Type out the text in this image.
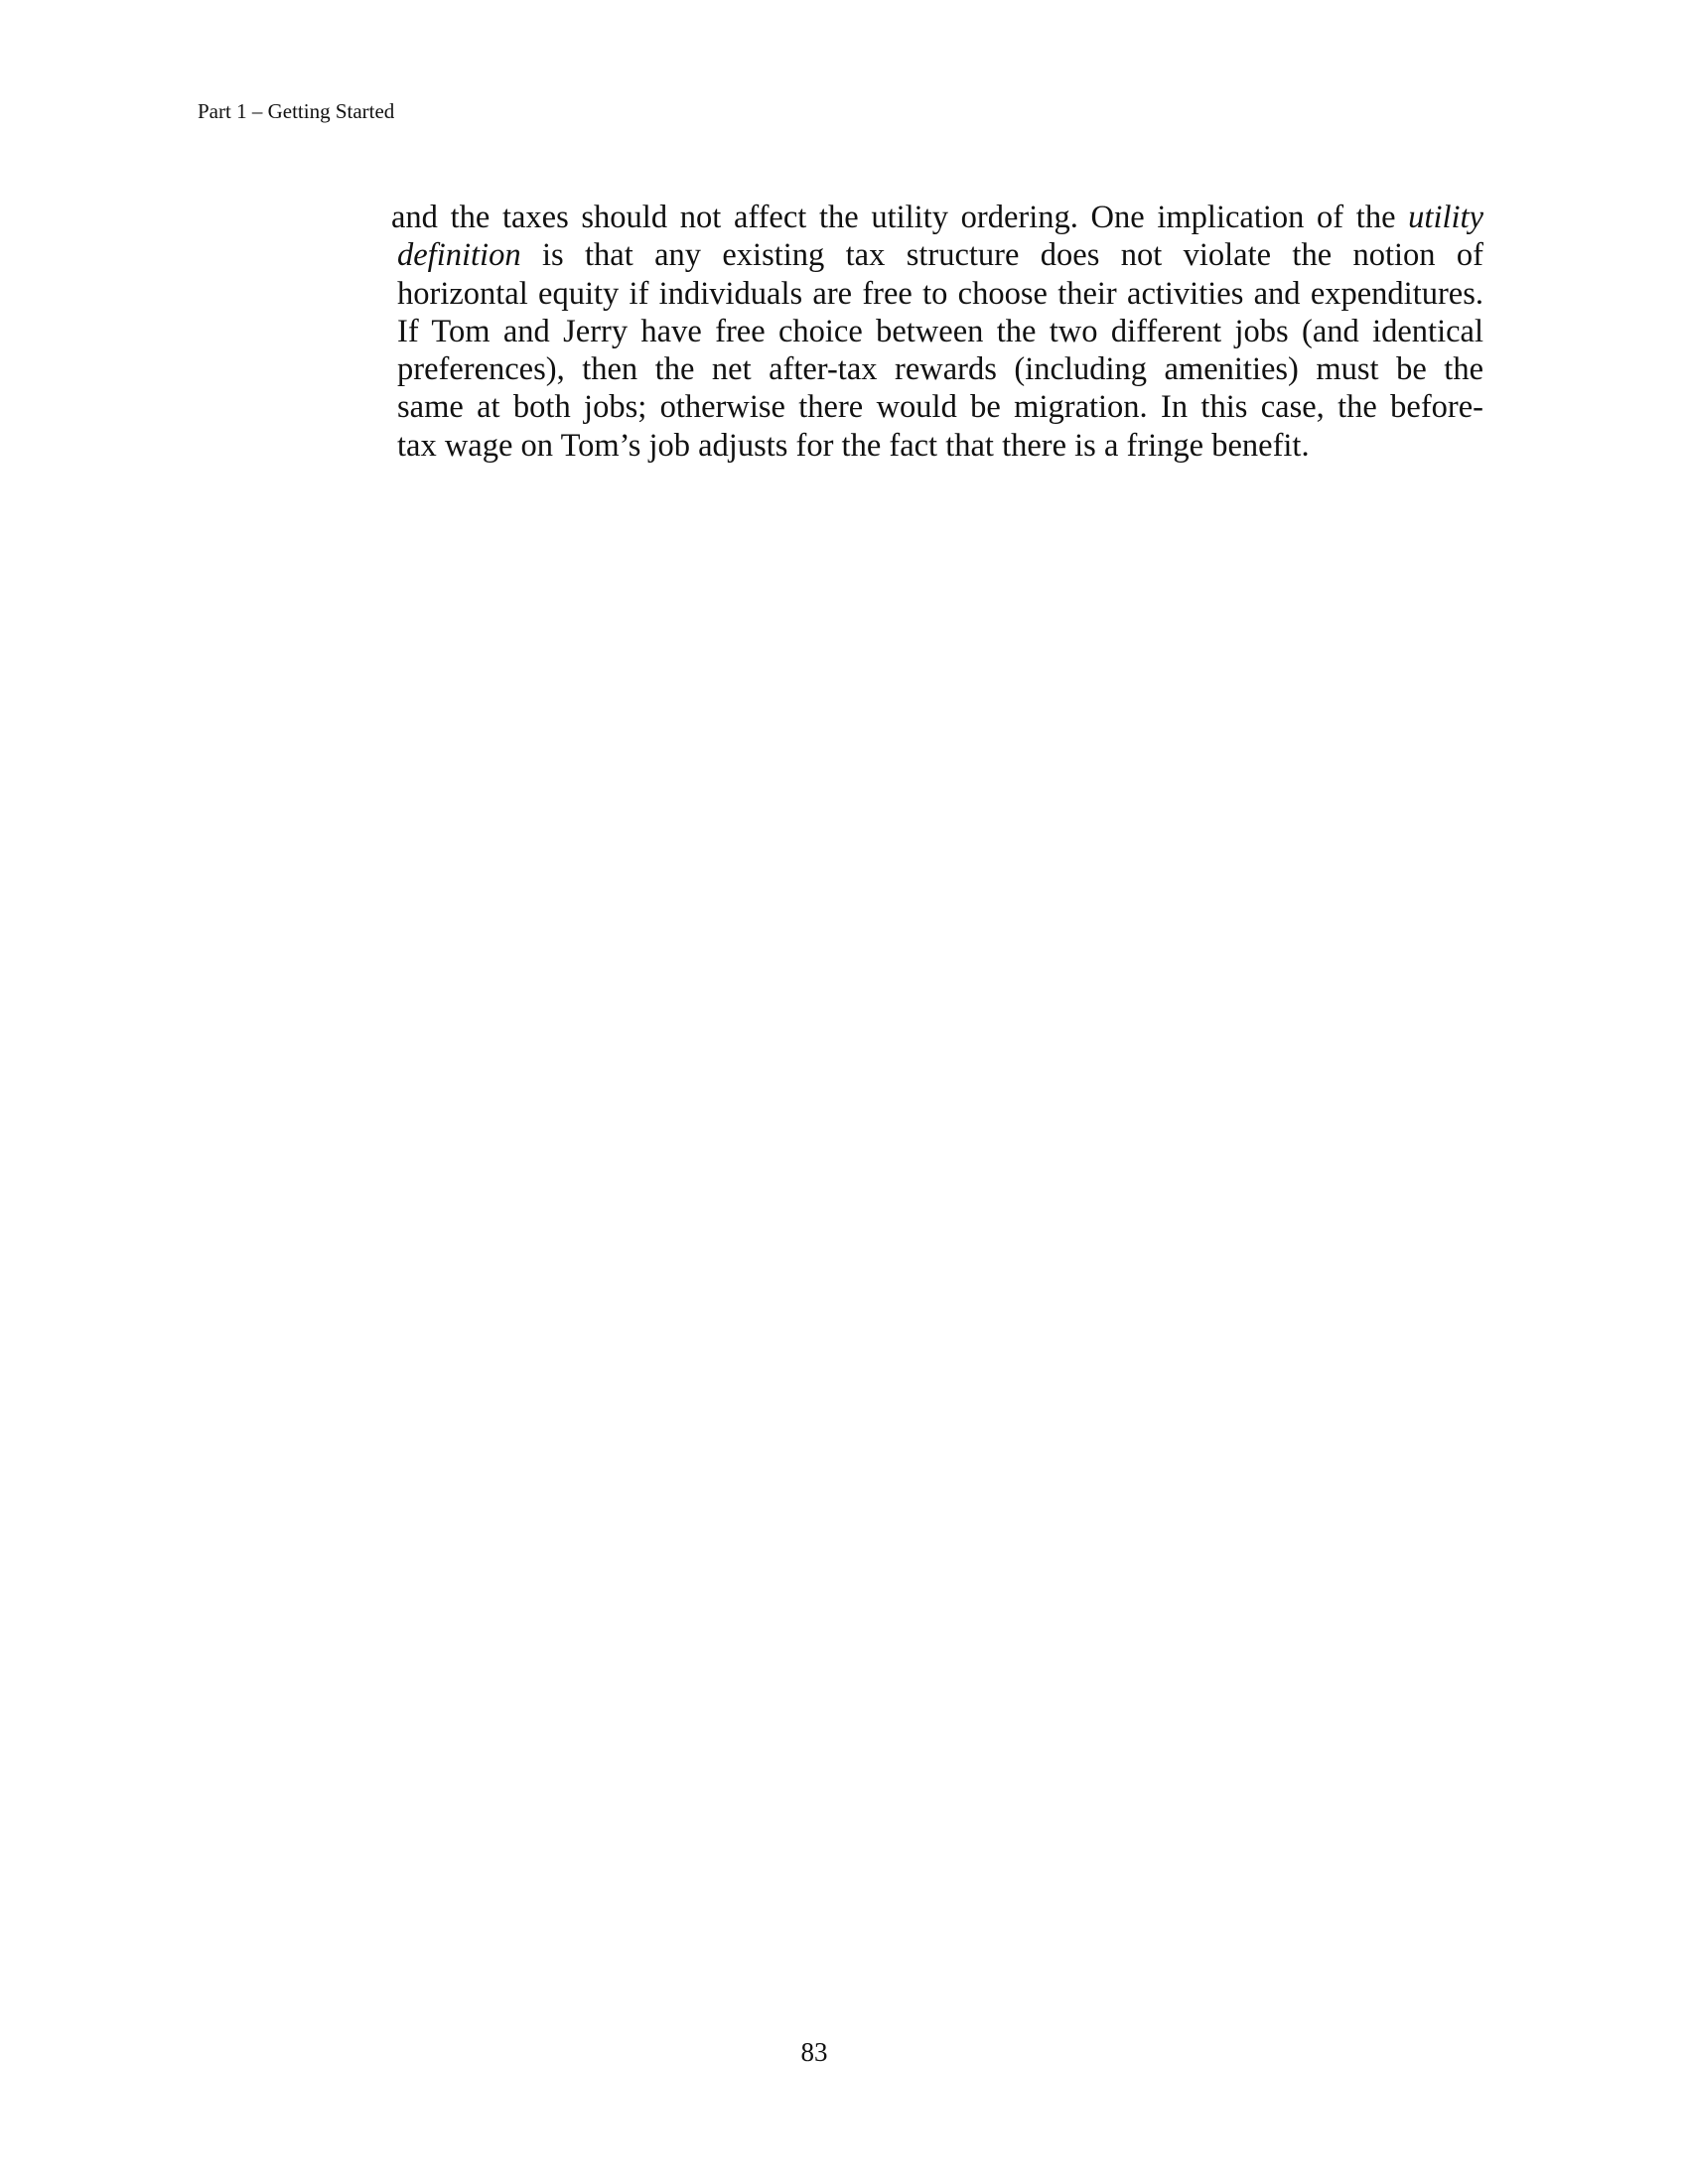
Part 1 – Getting Started
and the taxes should not affect the utility ordering. One implication of the utility
definition is that any existing tax structure does not violate the notion of
horizontal equity if individuals are free to choose their activities and expenditures.
If Tom and Jerry have free choice between the two different jobs (and identical
preferences), then the net after-tax rewards (including amenities) must be the
same at both jobs; otherwise there would be migration. In this case, the before-
tax wage on Tom’s job adjusts for the fact that there is a fringe benefit.
83
